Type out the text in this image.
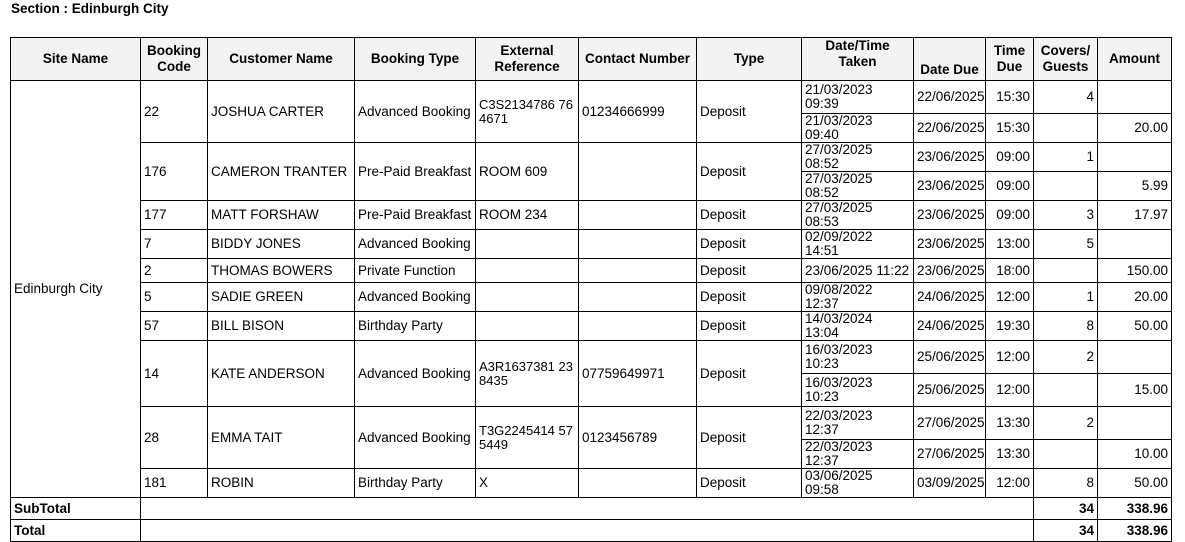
Section : Edinburgh City
Site Name	Booking Code	Customer Name	Booking Type	External Reference	Contact Number	Type	Date/Time Taken	Date Due	Time Due	Covers/ Guests	Amount
Edinburgh City	22	JOSHUA CARTER	Advanced Booking	C3S2134786 764671	01234666999	Deposit	21/03/2023 09:39	22/06/2025	15:30	4	
							21/03/2023 09:40	22/06/2025	15:30		20.00
	176	CAMERON TRANTER	Pre-Paid Breakfast	ROOM 609		Deposit	27/03/2025 08:52	23/06/2025	09:00	1	
							27/03/2025 08:52	23/06/2025	09:00		5.99
	177	MATT FORSHAW	Pre-Paid Breakfast	ROOM 234		Deposit	27/03/2025 08:53	23/06/2025	09:00	3	17.97
	7	BIDDY JONES	Advanced Booking			Deposit	02/09/2022 14:51	23/06/2025	13:00	5	
	2	THOMAS BOWERS	Private Function			Deposit	23/06/2025 11:22	23/06/2025	18:00		150.00
	5	SADIE GREEN	Advanced Booking			Deposit	09/08/2022 12:37	24/06/2025	12:00	1	20.00
	57	BILL BISON	Birthday Party			Deposit	14/03/2024 13:04	24/06/2025	19:30	8	50.00
	14	KATE ANDERSON	Advanced Booking	A3R1637381 238435	07759649971	Deposit	16/03/2023 10:23	25/06/2025	12:00	2	
							16/03/2023 10:23	25/06/2025	12:00		15.00
	28	EMMA TAIT	Advanced Booking	T3G2245414 575449	0123456789	Deposit	22/03/2023 12:37	27/06/2025	13:30	2	
							22/03/2023 12:37	27/06/2025	13:30		10.00
	181	ROBIN	Birthday Party	X		Deposit	03/06/2025 09:58	03/09/2025	12:00	8	50.00
SubTotal										34	338.96
Total										34	338.96
